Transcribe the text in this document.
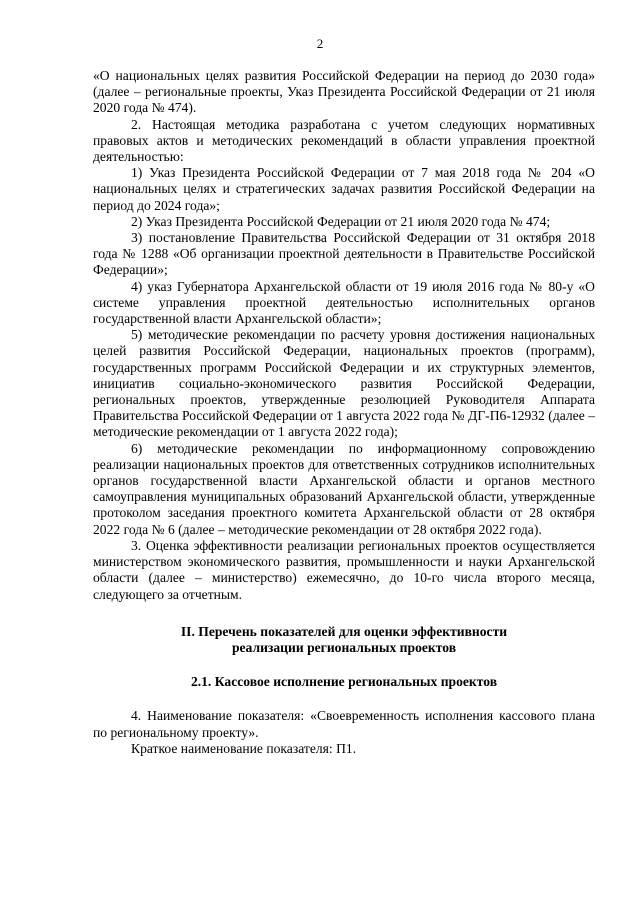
2

«О национальных целях развития Российской Федерации на период до 2030 года» (далее – региональные проекты, Указ Президента Российской Федерации от 21 июля 2020 года № 474).

2. Настоящая методика разработана с учетом следующих нормативных правовых актов и методических рекомендаций в области управления проектной деятельностью:

1) Указ Президента Российской Федерации от 7 мая 2018 года № 204 «О национальных целях и стратегических задачах развития Российской Федерации на период до 2024 года»;

2) Указ Президента Российской Федерации от 21 июля 2020 года № 474;

3) постановление Правительства Российской Федерации от 31 октября 2018 года № 1288 «Об организации проектной деятельности в Правительстве Российской Федерации»;

4) указ Губернатора Архангельской области от 19 июля 2016 года № 80-у «О системе управления проектной деятельностью исполнительных органов государственной власти Архангельской области»;

5) методические рекомендации по расчету уровня достижения национальных целей развития Российской Федерации, национальных проектов (программ), государственных программ Российской Федерации и их структурных элементов, инициатив социально-экономического развития Российской Федерации, региональных проектов, утвержденные резолюцией Руководителя Аппарата Правительства Российской Федерации от 1 августа 2022 года № ДГ-П6-12932 (далее – методические рекомендации от 1 августа 2022 года);

6) методические рекомендации по информационному сопровождению реализации национальных проектов для ответственных сотрудников исполнительных органов государственной власти Архангельской области и органов местного самоуправления муниципальных образований Архангельской области, утвержденные протоколом заседания проектного комитета Архангельской области от 28 октября 2022 года № 6 (далее – методические рекомендации от 28 октября 2022 года).

3. Оценка эффективности реализации региональных проектов осуществляется министерством экономического развития, промышленности и науки Архангельской области (далее – министерство) ежемесячно, до 10-го числа второго месяца, следующего за отчетным.

II. Перечень показателей для оценки эффективности

реализации региональных проектов

2.1. Кассовое исполнение региональных проектов

4. Наименование показателя: «Своевременность исполнения кассового плана по региональному проекту».

Краткое наименование показателя: П1.
